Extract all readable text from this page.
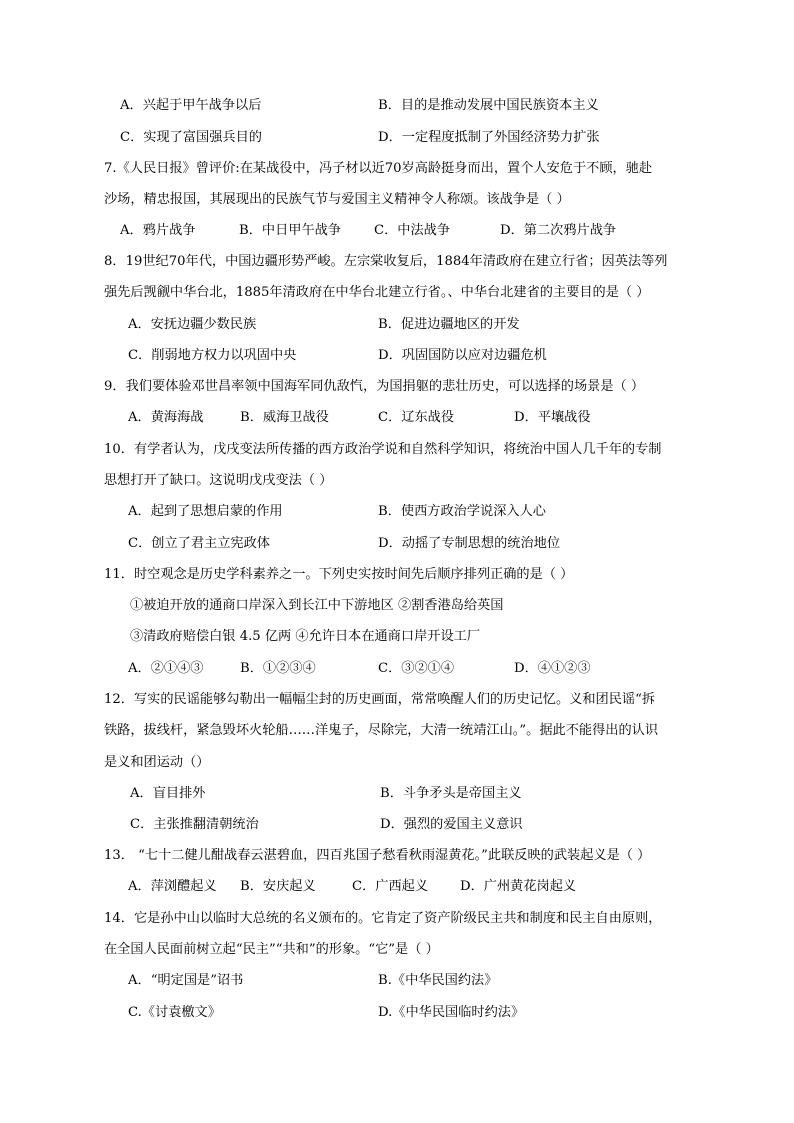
A．兴起于甲午战争以后	B．目的是推动发展中国民族资本主义
C．实现了富国强兵目的	D．一定程度抵制了外国经济势力扩张
7.《人民日报》曾评价:在某战役中，冯子材以近70岁高龄挺身而出，置个人安危于不顾，驰赴
沙场，精忠报国，其展现出的民族气节与爱国主义精神令人称颂。该战争是（ ）
A．鸦片战争	B．中日甲午战争 C．中法战争	D．第二次鸦片战争
8．19世纪70年代，中国边疆形势严峻。左宗棠收复后，1884年清政府在建立行省；因英法等列
强先后觊觎中华台北，1885年清政府在中华台北建立行省。、中华台北建省的主要目的是（ ）
A．安抚边疆少数民族	B．促进边疆地区的开发
C．削弱地方权力以巩固中央	D．巩固国防以应对边疆危机
9．我们要体验邓世昌率领中国海军同仇敌忾，为国捐躯的悲壮历史，可以选择的场景是（ ）
A．黄海海战	B．威海卫战役	C．辽东战役	D．平壤战役
10．有学者认为，戊戌变法所传播的西方政治学说和自然科学知识，将统治中国人几千年的专制
思想打开了缺口。这说明戊戌变法（ ）
A．起到了思想启蒙的作用	B．使西方政治学说深入人心
C．创立了君主立宪政体	D．动摇了专制思想的统治地位
11．时空观念是历史学科素养之一。下列史实按时间先后顺序排列正确的是（ ）
①被迫开放的通商口岸深入到长江中下游地区 ②割香港岛给英国
③清政府赔偿白银 4.5 亿两 ④允许日本在通商口岸开设工厂
A．②①④③	B．①②③④	C．③②①④	D．④①②③
12．写实的民谣能够勾勒出一幅幅尘封的历史画面，常常唤醒人们的历史记忆。义和团民谣“拆
铁路，拔线杆，紧急毁坏火轮船……洋鬼子，尽除完，大清一统靖江山。”。据此不能得出的认识
是义和团运动（）
A．盲目排外	B．斗争矛头是帝国主义
C．主张推翻清朝统治	D．强烈的爱国主义意识
13． “七十二健儿酣战春云湛碧血，四百兆国子愁看秋雨湿黄花。”此联反映的武装起义是（ ）
A．萍浏醴起义 B．安庆起义	C．广西起义 D．广州黄花岗起义
14．它是孙中山以临时大总统的名义颁布的。它肯定了资产阶级民主共和制度和民主自由原则，
在全国人民面前树立起“民主”“共和”的形象。“它”是（ ）
A．“明定国是”诏书	B.《中华民国约法》
C.《讨袁檄文》	D.《中华民国临时约法》
